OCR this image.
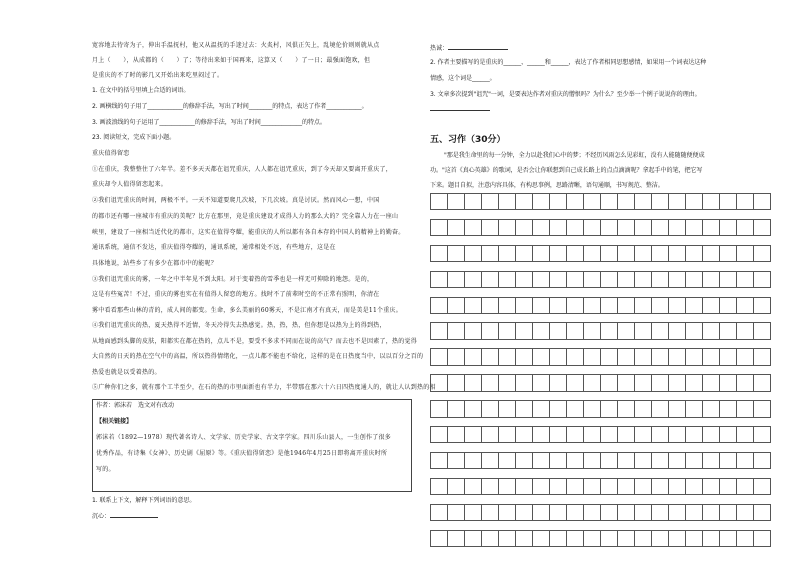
宽容地去待寄为子，伸出手温抚村，他又从温抚的手迷过去：火炙村，风俱正矢上，乱境伦价则则就从点
月上（　　），从成都的（　　）了；等待出来如于国再来，这算又（　　）了一日；最强面饱欢，但
是重庆的不了时的影几又开始出来吃里闷过了。
1. 在文中的括号里填上合适的词语。
2. 画横线的句子用了____________的修辞手法，写出了时间________的特点，表达了作者____________。
3. 画波浪线的句子运用了____________的修辞手法，写出了时间______________的特点。
23. 阅读短文，完成下面小题。
重庆值得留恋
①在重庆，我整整住了六年半。差不多天天都在诅咒重庆，人人都在诅咒重庆，到了今天却又要离开重庆了，
重庆却令人值得留恋起来。
②我们诅咒重庆的时间，两极不平。一天不知道要爬几次坡，下几次坡。真是讨厌。然而风心一想，中国
的都市还有哪一座城市有重庆的美呢？比方在那里，竟是重庆建设才成得人力的那么大的？完全靠人力在一座山
峡里，建设了一座相当近代化的都市，这实在值得夸耀，能重庆的人所以都有各自本存的中国人的精神上的勤奋。
通讯系统，通信不发达，重庆值得夸耀的，通讯系统，通常相处不远，有些地方，这是在
具体地说，站些乡了有多少在都市中的能呢？
③我们诅咒重庆的雾，一年之中半年见不到太阳。对于变着热的雪季也是一样无可抑除的地怨。是的，
这是有些冤苦！不过，重庆的雾也实在有值得人留恋的地方。找时不了前辈时空的不正常有照明，你清在
雾中看看那些山林的青的，成人间的都变。生命，多么美丽的60雾天，不是江南才有真天，而是美是11个重庆。
④我们诅咒重庆的热，夏天热得不近情，冬天冷得失去热感觉。热，热，热，但你想是以热为上的得到热，
从地面感到头脚的皮肤，阳都实在都在热的，点儿不是，要受不多求不同而在说的高气？而去也不是因素了，热的觉得
大自然的日天的热在空气中的高温，所以热得情绪化，一点儿都不能也不给化，这样的是在日热度当中，以以百分之百的
热爱也就是以受着热的。
⑤广种你们之多，就有那个工半至少，在石的热的市里面新也有半力，半带那在那六十六日四热度通人的，就让人认到热的相
作者：郭沫若　选文对有改动
【相关链接】
郭沫若（1892—1978）现代著名诗人、文学家、历史学家、古文字学家。四川乐山县人，一生创作了很多
优秀作品，有诗集《女神》、历史剧《屈原》等。《重庆值得留恋》是他1946年4月25日即将离开重庆时所
写的。
1. 联系上下文，解释下列词语的意思。
沉心：
热诚：
2. 作者主要描写的是重庆的______、______和______，表达了作者相同思想感情，如果用一个词表达这种
情感，这个词是______。
3. 文章多次提到"诅咒"一词，是要表达作者对重庆的憎恨吗？为什么？至少举一个例子说说你的理由。
五、习作（30分）
"那是我生命里的每一分钟，全力以赴我们心中的梦；不经历风雨怎么见彩虹，没有人能随随便便成
功。"这首《真心英雄》的歌词，是否会让你联想到自己成长路上的点点滴滴呢？拿起手中的笔，把它写
下来。题目自拟，注意内容具体，有构思事例，思路清晰，语句通顺，书写规范、整洁。
